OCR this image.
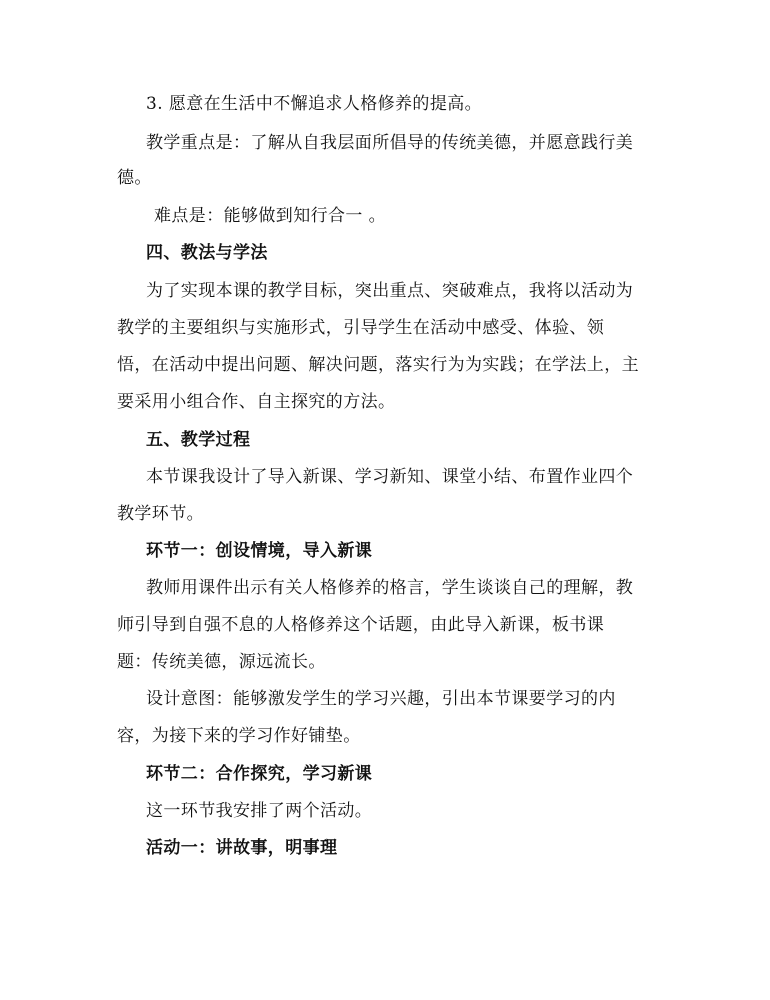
3. 愿意在生活中不懈追求人格修养的提高。
教学重点是：了解从自我层面所倡导的传统美德，并愿意践行美
德。
难点是：能够做到知行合一 。
四、教法与学法
为了实现本课的教学目标，突出重点、突破难点，我将以活动为
教学的主要组织与实施形式，引导学生在活动中感受、体验、领
悟，在活动中提出问题、解决问题，落实行为为实践；在学法上，主
要采用小组合作、自主探究的方法。
五、教学过程
本节课我设计了导入新课、学习新知、课堂小结、布置作业四个
教学环节。
环节一：创设情境，导入新课
教师用课件出示有关人格修养的格言，学生谈谈自己的理解，教
师引导到自强不息的人格修养这个话题，由此导入新课，板书课
题：传统美德，源远流长。
设计意图：能够激发学生的学习兴趣，引出本节课要学习的内
容，为接下来的学习作好铺垫。
环节二：合作探究，学习新课
这一环节我安排了两个活动。
活动一：讲故事，明事理
